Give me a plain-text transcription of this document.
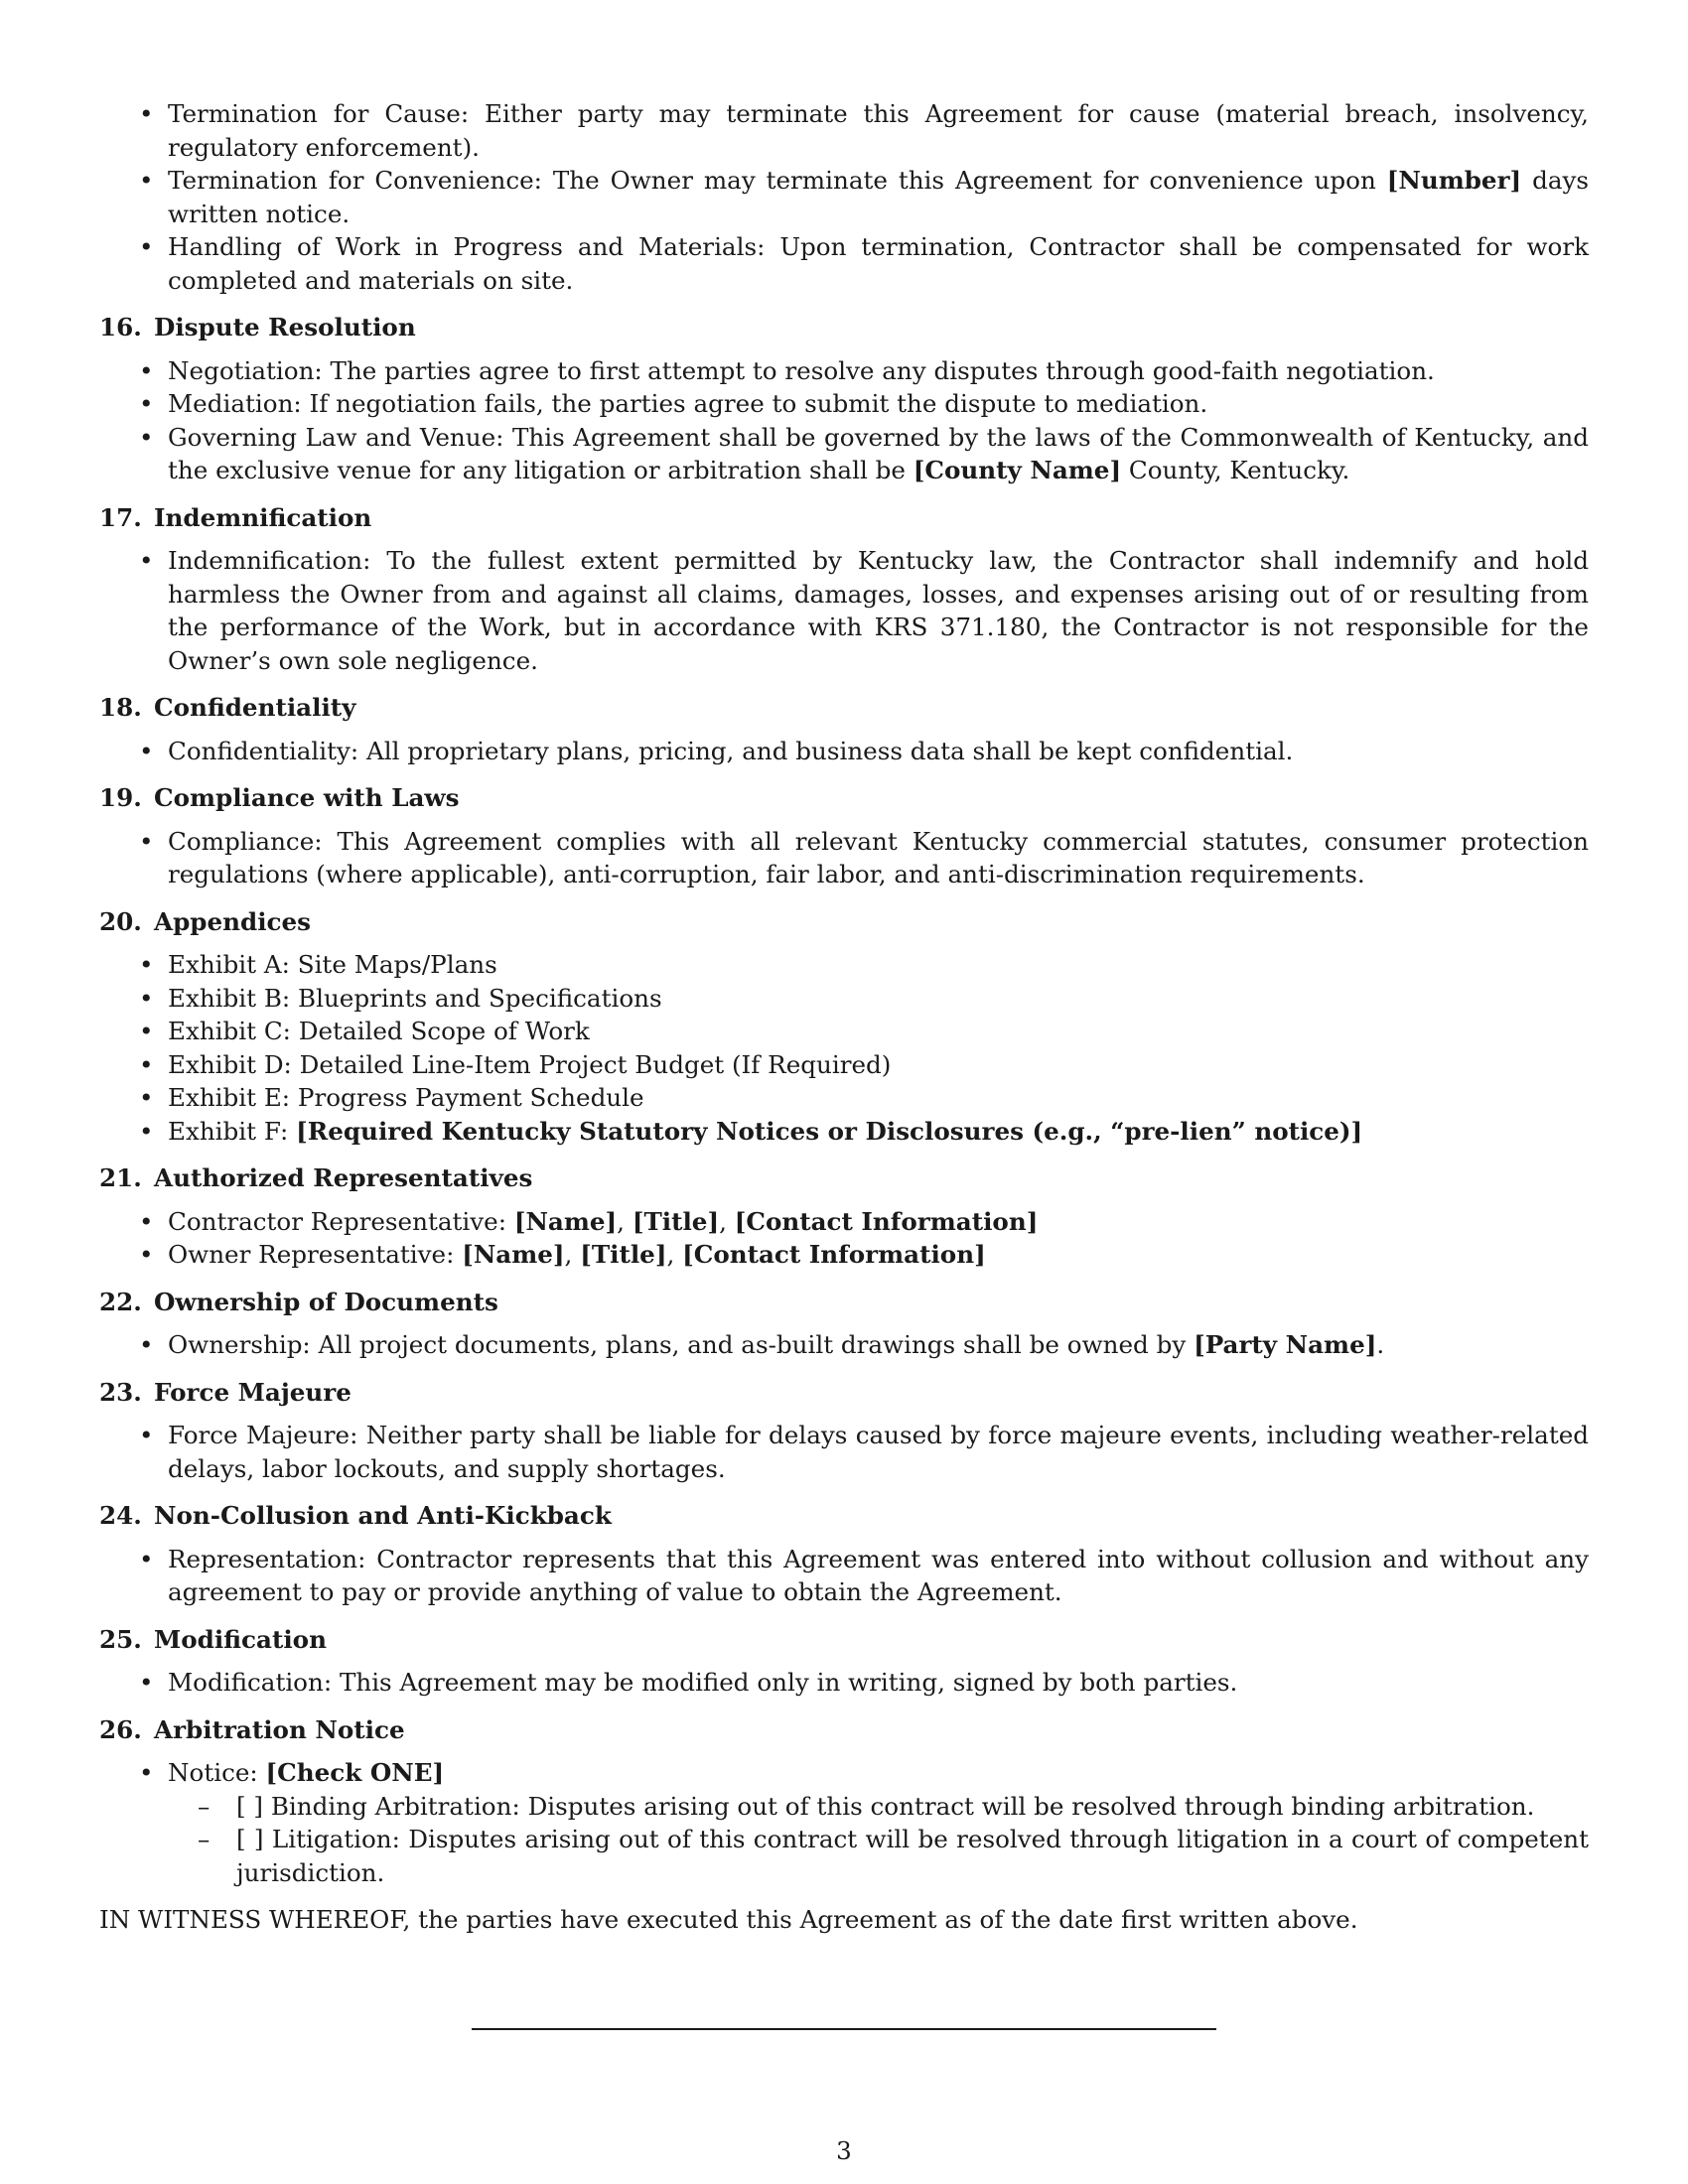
• Termination for Cause: Either party may terminate this Agreement for cause (material breach, insolvency, regulatory enforcement).
• Termination for Convenience: The Owner may terminate this Agreement for convenience upon [Number] days written notice.
• Handling of Work in Progress and Materials: Upon termination, Contractor shall be compensated for work completed and materials on site.
16. Dispute Resolution
• Negotiation: The parties agree to first attempt to resolve any disputes through good-faith negotiation.
• Mediation: If negotiation fails, the parties agree to submit the dispute to mediation.
• Governing Law and Venue: This Agreement shall be governed by the laws of the Commonwealth of Kentucky, and the exclusive venue for any litigation or arbitration shall be [County Name] County, Kentucky.
17. Indemnification
• Indemnification: To the fullest extent permitted by Kentucky law, the Contractor shall indemnify and hold harmless the Owner from and against all claims, damages, losses, and expenses arising out of or resulting from the performance of the Work, but in accordance with KRS 371.180, the Contractor is not responsible for the Owner’s own sole negligence.
18. Confidentiality
• Confidentiality: All proprietary plans, pricing, and business data shall be kept confidential.
19. Compliance with Laws
• Compliance: This Agreement complies with all relevant Kentucky commercial statutes, consumer protection regulations (where applicable), anti-corruption, fair labor, and anti-discrimination requirements.
20. Appendices
• Exhibit A: Site Maps/Plans
• Exhibit B: Blueprints and Specifications
• Exhibit C: Detailed Scope of Work
• Exhibit D: Detailed Line-Item Project Budget (If Required)
• Exhibit E: Progress Payment Schedule
• Exhibit F: [Required Kentucky Statutory Notices or Disclosures (e.g., “pre-lien” notice)]
21. Authorized Representatives
• Contractor Representative: [Name], [Title], [Contact Information]
• Owner Representative: [Name], [Title], [Contact Information]
22. Ownership of Documents
• Ownership: All project documents, plans, and as-built drawings shall be owned by [Party Name].
23. Force Majeure
• Force Majeure: Neither party shall be liable for delays caused by force majeure events, including weather-related delays, labor lockouts, and supply shortages.
24. Non-Collusion and Anti-Kickback
• Representation: Contractor represents that this Agreement was entered into without collusion and without any agreement to pay or provide anything of value to obtain the Agreement.
25. Modification
• Modification: This Agreement may be modified only in writing, signed by both parties.
26. Arbitration Notice
• Notice: [Check ONE]
– [ ] Binding Arbitration: Disputes arising out of this contract will be resolved through binding arbitration.
– [ ] Litigation: Disputes arising out of this contract will be resolved through litigation in a court of competent jurisdiction.
IN WITNESS WHEREOF, the parties have executed this Agreement as of the date first written above.
3
